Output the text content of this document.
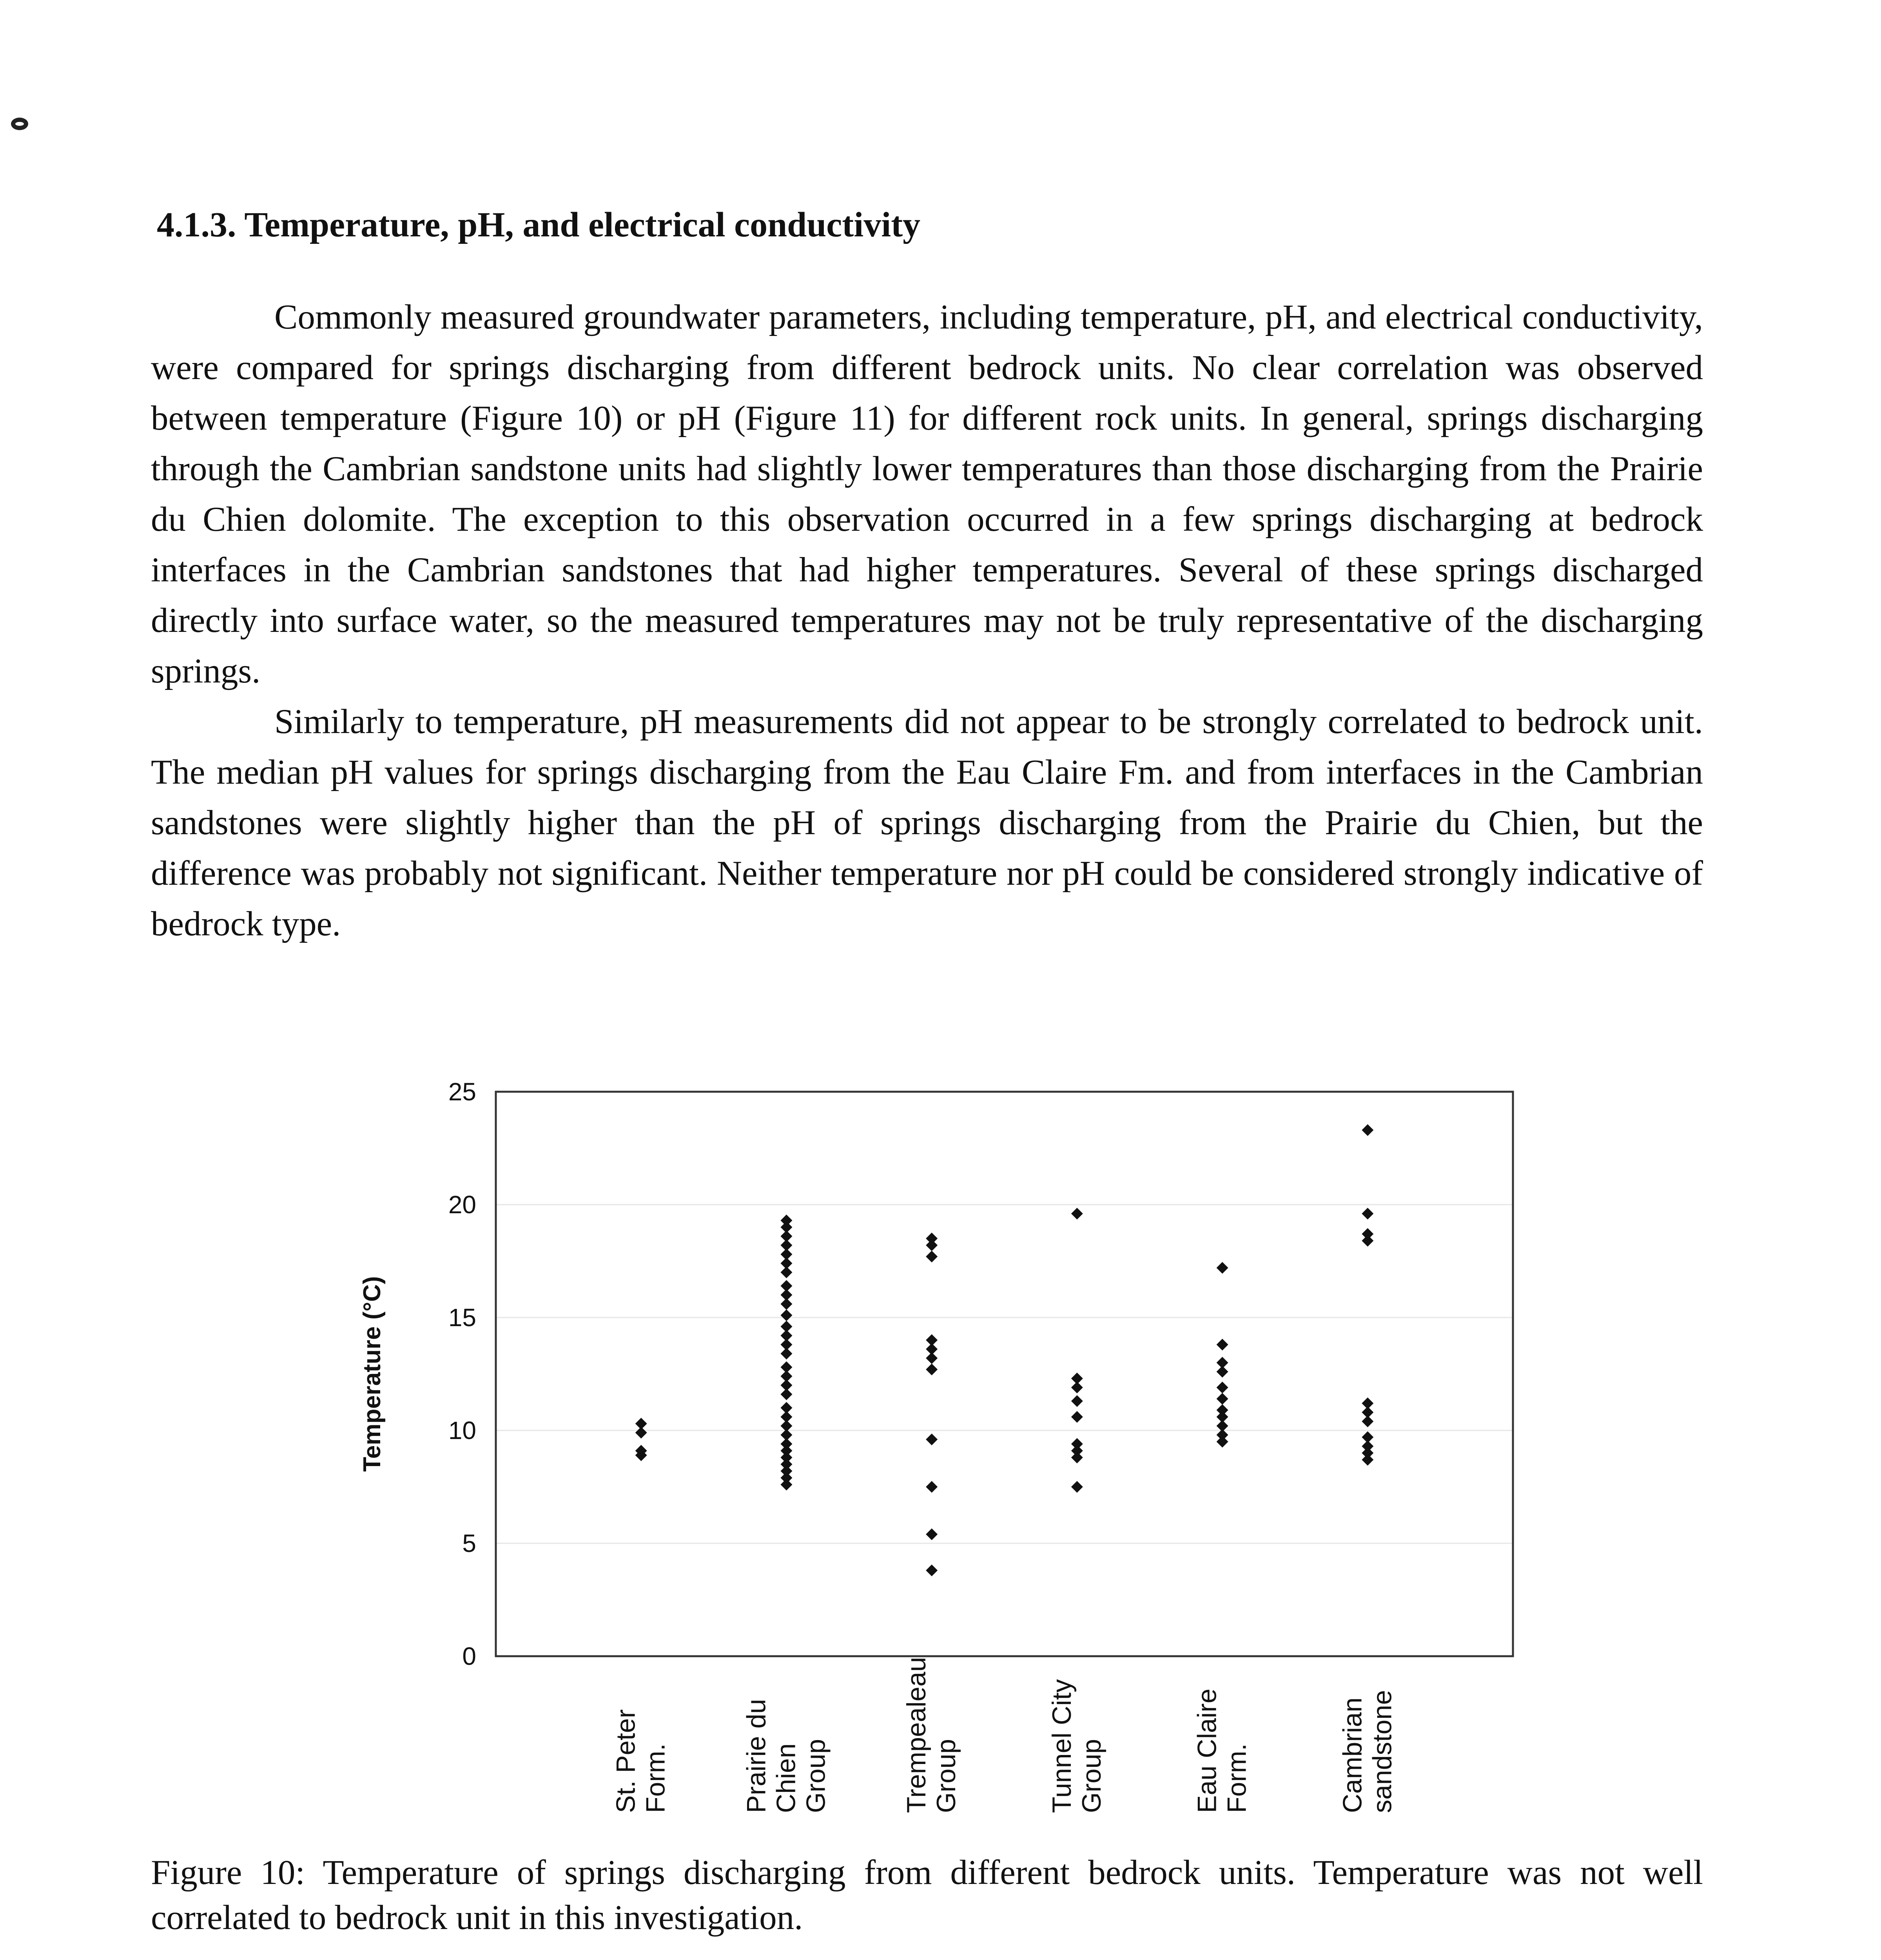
4.1.3. Temperature, pH, and electrical conductivity

Commonly measured groundwater parameters, including temperature, pH, and electrical conductivity, were compared for springs discharging from different bedrock units. No clear correlation was observed between temperature (Figure 10) or pH (Figure 11) for different rock units. In general, springs discharging through the Cambrian sandstone units had slightly lower temperatures than those discharging from the Prairie du Chien dolomite. The exception to this observation occurred in a few springs discharging at bedrock interfaces in the Cambrian sandstones that had higher temperatures. Several of these springs discharged directly into surface water, so the measured temperatures may not be truly representative of the discharging springs.

Similarly to temperature, pH measurements did not appear to be strongly correlated to bedrock unit. The median pH values for springs discharging from the Eau Claire Fm. and from interfaces in the Cambrian sandstones were slightly higher than the pH of springs discharging from the Prairie du Chien, but the difference was probably not significant. Neither temperature nor pH could be considered strongly indicative of bedrock type.

0
5
10
15
20
25
Temperature (°C)
St. Peter Form.	Prairie du Chien Group	Trempealeau Group	Tunnel City Group	Eau Claire Form.	Cambrian sandstone

Figure 10: Temperature of springs discharging from different bedrock units. Temperature was not well correlated to bedrock unit in this investigation.
